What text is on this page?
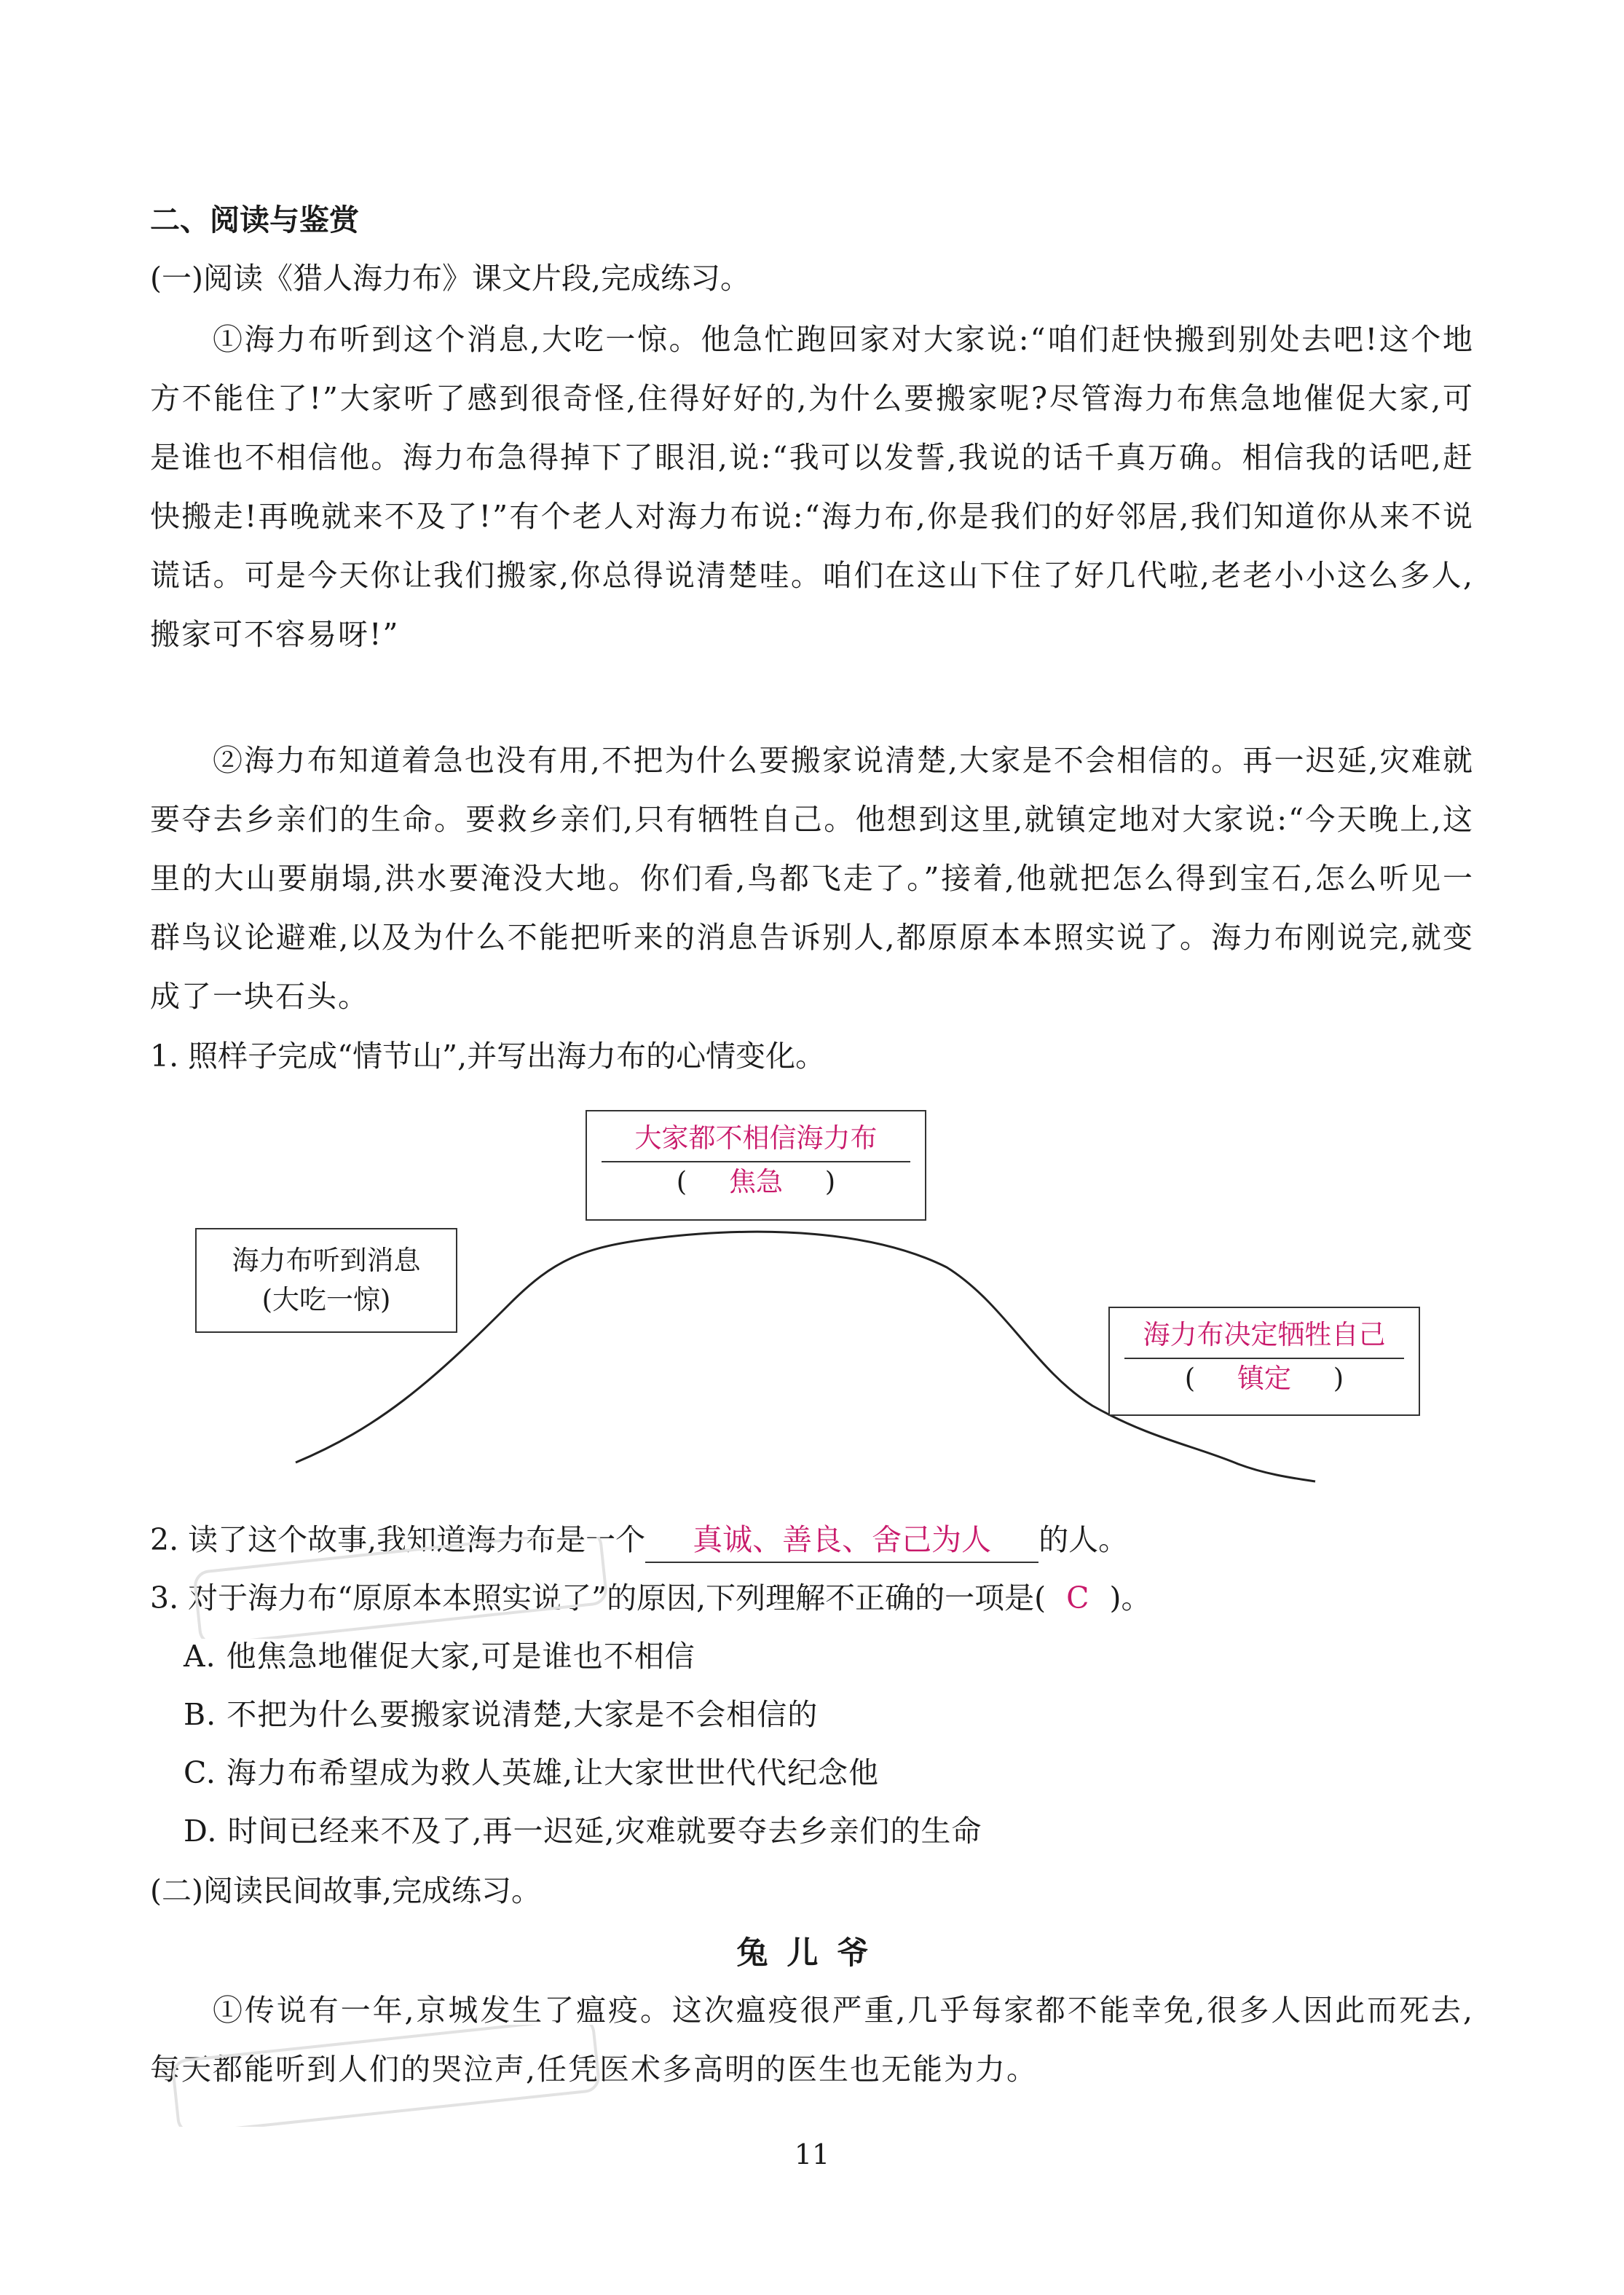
二、阅读与鉴赏
(一)阅读《猎人海力布》课文片段,完成练习。
①海力布听到这个消息,大吃一惊。他急忙跑回家对大家说:“咱们赶快搬到别处去吧!这个地方不能住了!”大家听了感到很奇怪,住得好好的,为什么要搬家呢?尽管海力布焦急地催促大家,可是谁也不相信他。海力布急得掉下了眼泪,说:“我可以发誓,我说的话千真万确。相信我的话吧,赶快搬走!再晚就来不及了!”有个老人对海力布说:“海力布,你是我们的好邻居,我们知道你从来不说谎话。可是今天你让我们搬家,你总得说清楚哇。咱们在这山下住了好几代啦,老老小小这么多人,搬家可不容易呀!”
②海力布知道着急也没有用,不把为什么要搬家说清楚,大家是不会相信的。再一迟延,灾难就要夺去乡亲们的生命。要救乡亲们,只有牺牲自己。他想到这里,就镇定地对大家说:“今天晚上,这里的大山要崩塌,洪水要淹没大地。你们看,鸟都飞走了。”接着,他就把怎么得到宝石,怎么听见一群鸟议论避难,以及为什么不能把听来的消息告诉别人,都原原本本照实说了。海力布刚说完,就变成了一块石头。
1. 照样子完成“情节山”,并写出海力布的心情变化。
海力布听到消息
(大吃一惊)
大家都不相信海力布
( 焦急 )
海力布决定牺牲自己
( 镇定 )
2. 读了这个故事,我知道海力布是一个 真诚、善良、舍己为人 的人。
3. 对于海力布“原原本本照实说了”的原因,下列理解不正确的一项是( C )。
A. 他焦急地催促大家,可是谁也不相信
B. 不把为什么要搬家说清楚,大家是不会相信的
C. 海力布希望成为救人英雄,让大家世世代代纪念他
D. 时间已经来不及了,再一迟延,灾难就要夺去乡亲们的生命
(二)阅读民间故事,完成练习。
兔儿爷
①传说有一年,京城发生了瘟疫。这次瘟疫很严重,几乎每家都不能幸免,很多人因此而死去,每天都能听到人们的哭泣声,任凭医术多高明的医生也无能为力。
11
